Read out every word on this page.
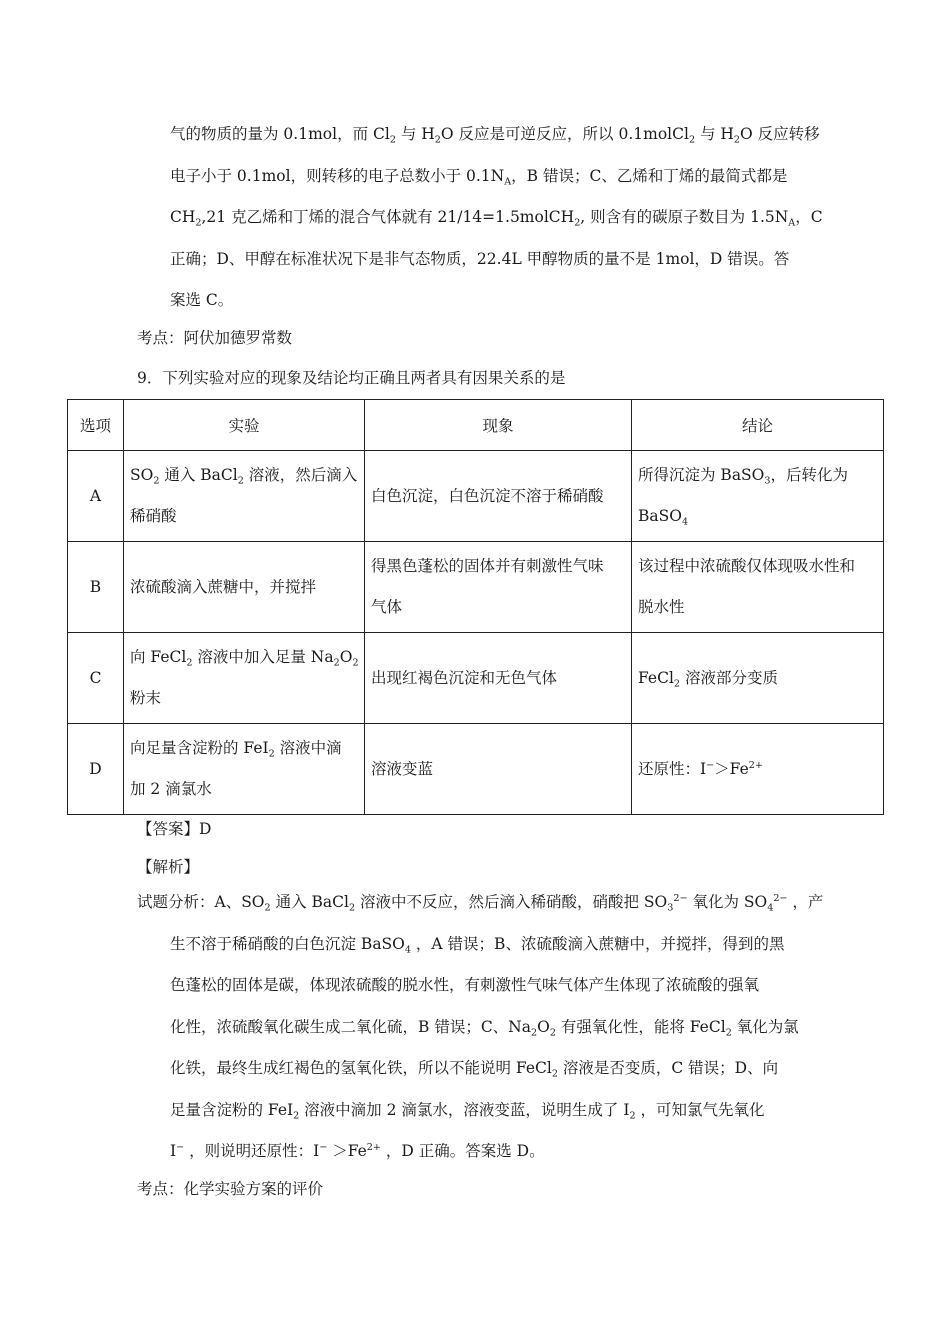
气的物质的量为 0.1mol，而 $Cl_2$ 与 $H_2O$ 反应是可逆反应，所以 0.1molCl$_2$ 与 $H_2O$ 反应转移
电子小于 0.1mol，则转移的电子总数小于 $0.1N_A$，B 错误；C、乙烯和丁烯的最简式都是
$CH_2,21$ 克乙烯和丁烯的混合气体就有 21/14=1.5molCH$_2$, 则含有的碳原子数目为 $1.5N_A$，C
正确；D、甲醇在标准状况下是非气态物质，22.4L 甲醇物质的量不是 1mol，D 错误。答
案选 C。

考点：阿伏加德罗常数

9．下列实验对应的现象及结论均正确且两者具有因果关系的是

选项	实验	现象	结论
A	$SO_2$ 通入 BaCl$_2$ 溶液，然后滴入
稀硝酸	白色沉淀，白色沉淀不溶于稀硝酸	所得沉淀为 BaSO$_3$，后转化为
BaSO$_4$

B	浓硫酸滴入蔗糖中，并搅拌	得黑色蓬松的固体并有刺激性气味
气体	该过程中浓硫酸仅体现吸水性和
脱水性

C	向 FeCl$_2$ 溶液中加入足量 $Na_2O_2$
粉末	出现红褐色沉淀和无色气体	FeCl$_2$ 溶液部分变质

D	向足量含淀粉的 FeI$_2$ 溶液中滴
加 2 滴氯水	溶液变蓝	还原性：$I^->Fe^{2+}$

【答案】D

【解析】

试题分析：A、$SO_2$ 通入 BaCl$_2$ 溶液中不反应，然后滴入稀硝酸，硝酸把 $SO_3^{2-}$ 氧化为 $SO_4^{2-}$ ，产
生不溶于稀硝酸的白色沉淀 BaSO$_4$ ，A 错误；B、浓硫酸滴入蔗糖中，并搅拌，得到的黑
色蓬松的固体是碳，体现浓硫酸的脱水性，有刺激性气味气体产生体现了浓硫酸的强氧
化性，浓硫酸氧化碳生成二氧化硫，B 错误；C、$Na_2O_2$ 有强氧化性，能将 FeCl$_2$ 氧化为氯
化铁，最终生成红褐色的氢氧化铁，所以不能说明 FeCl$_2$ 溶液是否变质，C 错误；D、向
足量含淀粉的 FeI$_2$ 溶液中滴加 2 滴氯水，溶液变蓝，说明生成了 $I_2$ ，可知氯气先氧化
I− ，则说明还原性：$I^- >Fe^{2+}$ ，D 正确。答案选 D。

考点：化学实验方案的评价
